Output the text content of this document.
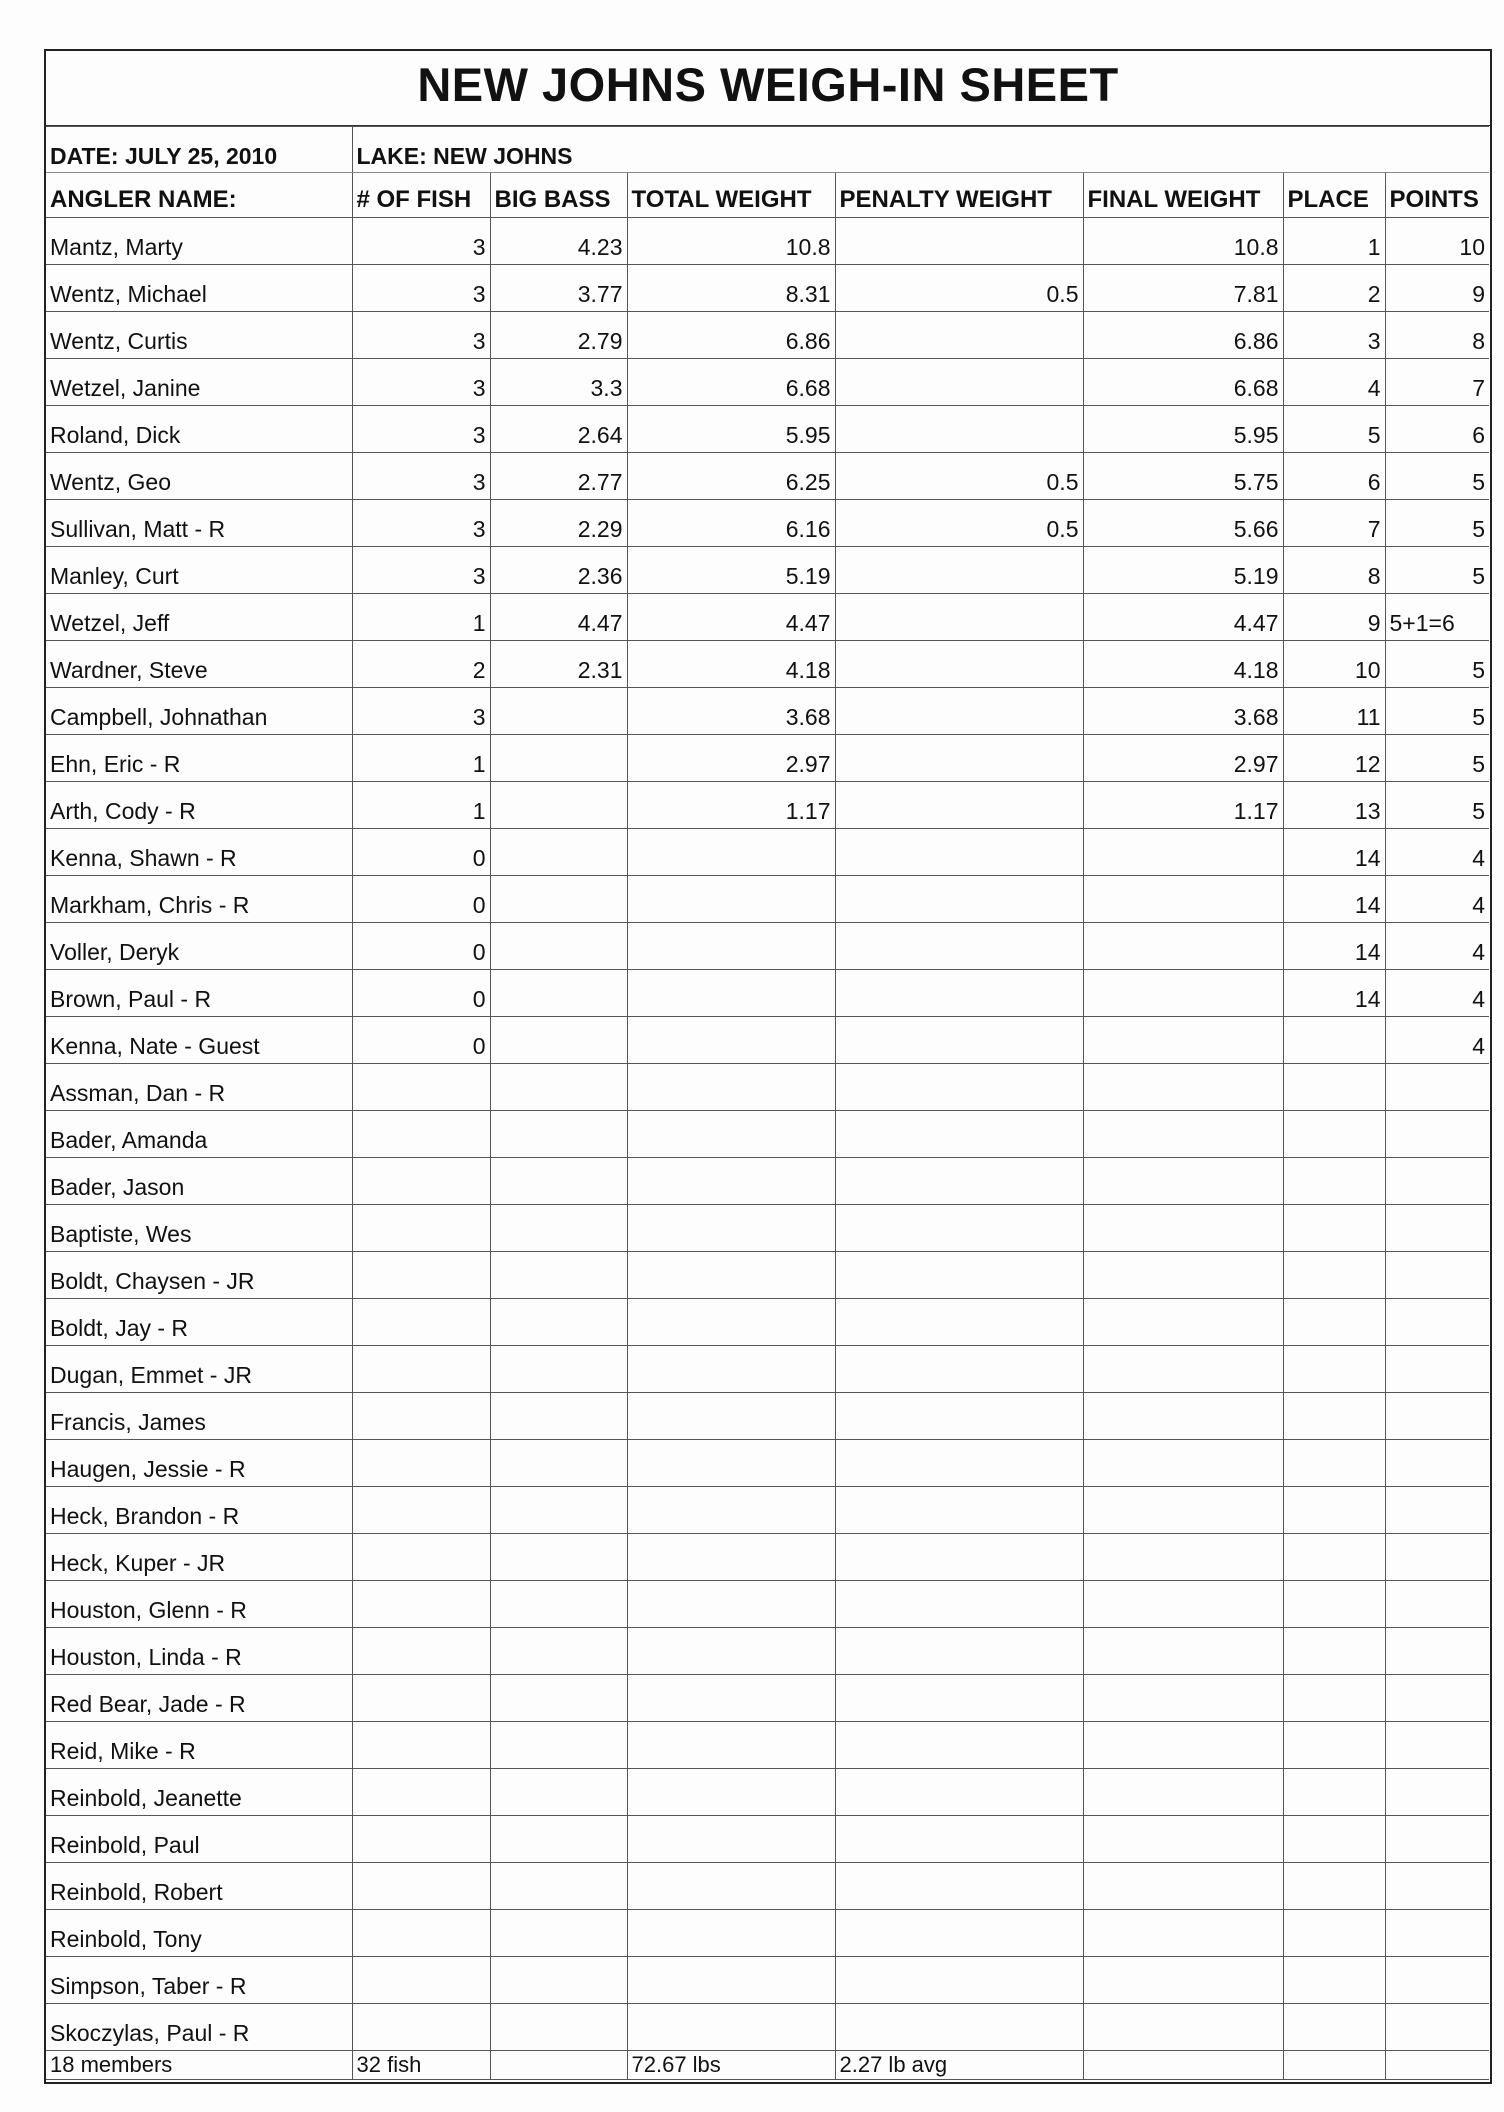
NEW JOHNS WEIGH-IN SHEET
DATE: JULY 25, 2010	LAKE: NEW JOHNS						
ANGLER NAME:	# OF FISH	BIG BASS	TOTAL WEIGHT	PENALTY WEIGHT	FINAL WEIGHT	PLACE	POINTS
Mantz, Marty	3	4.23	10.8		10.8	1	10
Wentz, Michael	3	3.77	8.31	0.5	7.81	2	9
Wentz, Curtis	3	2.79	6.86		6.86	3	8
Wetzel, Janine	3	3.3	6.68		6.68	4	7
Roland, Dick	3	2.64	5.95		5.95	5	6
Wentz, Geo	3	2.77	6.25	0.5	5.75	6	5
Sullivan, Matt - R	3	2.29	6.16	0.5	5.66	7	5
Manley, Curt	3	2.36	5.19		5.19	8	5
Wetzel, Jeff	1	4.47	4.47		4.47	9	5+1=6
Wardner, Steve	2	2.31	4.18		4.18	10	5
Campbell, Johnathan	3		3.68		3.68	11	5
Ehn, Eric - R	1		2.97		2.97	12	5
Arth, Cody - R	1		1.17		1.17	13	5
Kenna, Shawn - R	0					14	4
Markham, Chris - R	0					14	4
Voller, Deryk	0					14	4
Brown, Paul - R	0					14	4
Kenna, Nate - Guest	0						4
Assman, Dan - R							
Bader, Amanda							
Bader, Jason							
Baptiste, Wes							
Boldt, Chaysen - JR							
Boldt, Jay - R							
Dugan, Emmet - JR							
Francis, James							
Haugen, Jessie - R							
Heck, Brandon - R							
Heck, Kuper - JR							
Houston, Glenn - R							
Houston, Linda - R							
Red Bear, Jade - R							
Reid, Mike - R							
Reinbold, Jeanette							
Reinbold, Paul							
Reinbold, Robert							
Reinbold, Tony							
Simpson, Taber - R							
Skoczylas, Paul - R							
18 members	32 fish		72.67 lbs	2.27 lb avg			
